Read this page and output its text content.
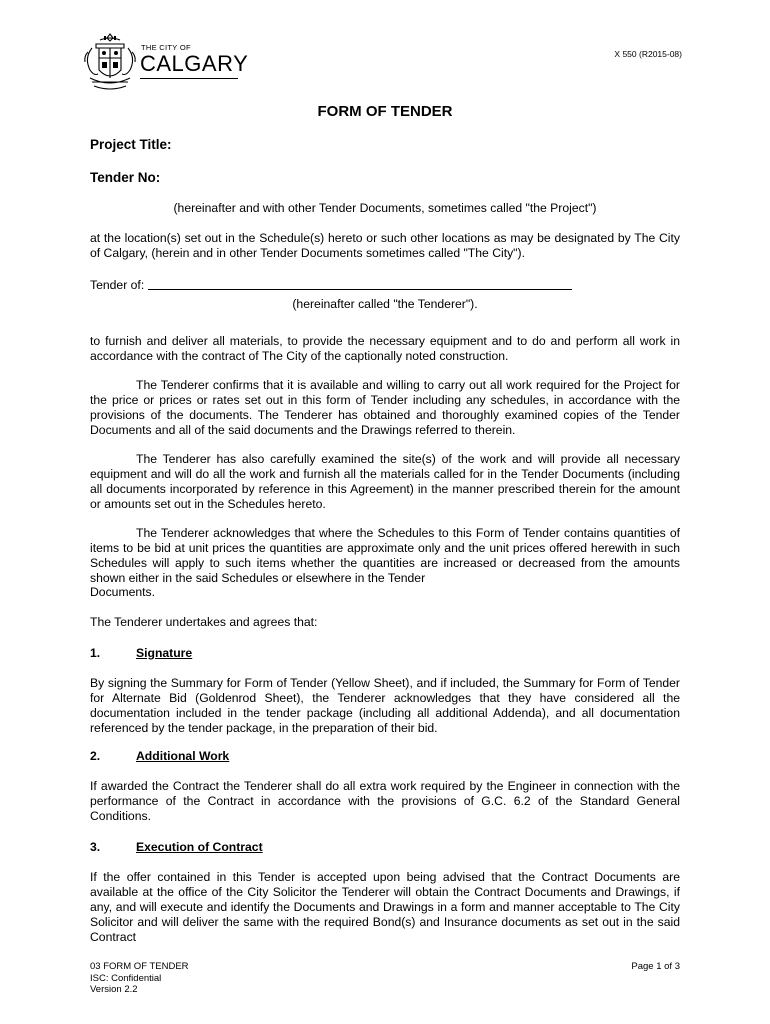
THE CITY OF
CALGARY	X 550 (R2015-08)
FORM OF TENDER
Project Title:
Tender No:
(hereinafter and with other Tender Documents, sometimes called "the Project")
at the location(s) set out in the Schedule(s) hereto or such other locations as may be designated by The City of Calgary, (herein and in other Tender Documents sometimes called "The City").
Tender of:
(hereinafter called "the Tenderer").
to furnish and deliver all materials, to provide the necessary equipment and to do and perform all work in accordance with the contract of The City of the captionally noted construction.
The Tenderer confirms that it is available and willing to carry out all work required for the Project for the price or prices or rates set out in this form of Tender including any schedules, in accordance with the provisions of the documents. The Tenderer has obtained and thoroughly examined copies of the Tender Documents and all of the said documents and the Drawings referred to therein.
The Tenderer has also carefully examined the site(s) of the work and will provide all necessary equipment and will do all the work and furnish all the materials called for in the Tender Documents (including all documents incorporated by reference in this Agreement) in the manner prescribed therein for the amount or amounts set out in the Schedules hereto.
The Tenderer acknowledges that where the Schedules to this Form of Tender contains quantities of items to be bid at unit prices the quantities are approximate only and the unit prices offered herewith in such Schedules will apply to such items whether the quantities are increased or decreased from the amounts shown either in the said Schedules or elsewhere in the Tender
Documents.
The Tenderer undertakes and agrees that:
1.	Signature
By signing the Summary for Form of Tender (Yellow Sheet), and if included, the Summary for Form of Tender for Alternate Bid (Goldenrod Sheet), the Tenderer acknowledges that they have considered all the documentation included in the tender package (including all additional Addenda), and all documentation referenced by the tender package, in the preparation of their bid.
2.	Additional Work
If awarded the Contract the Tenderer shall do all extra work required by the Engineer in connection with the performance of the Contract in accordance with the provisions of G.C. 6.2 of the Standard General Conditions.
3.	Execution of Contract
If the offer contained in this Tender is accepted upon being advised that the Contract Documents are available at the office of the City Solicitor the Tenderer will obtain the Contract Documents and Drawings, if any, and will execute and identify the Documents and Drawings in a form and manner acceptable to The City Solicitor and will deliver the same with the required Bond(s) and Insurance documents as set out in the said Contract
03 FORM OF TENDER
ISC: Confidential
Version 2.2
Page 1 of 3
